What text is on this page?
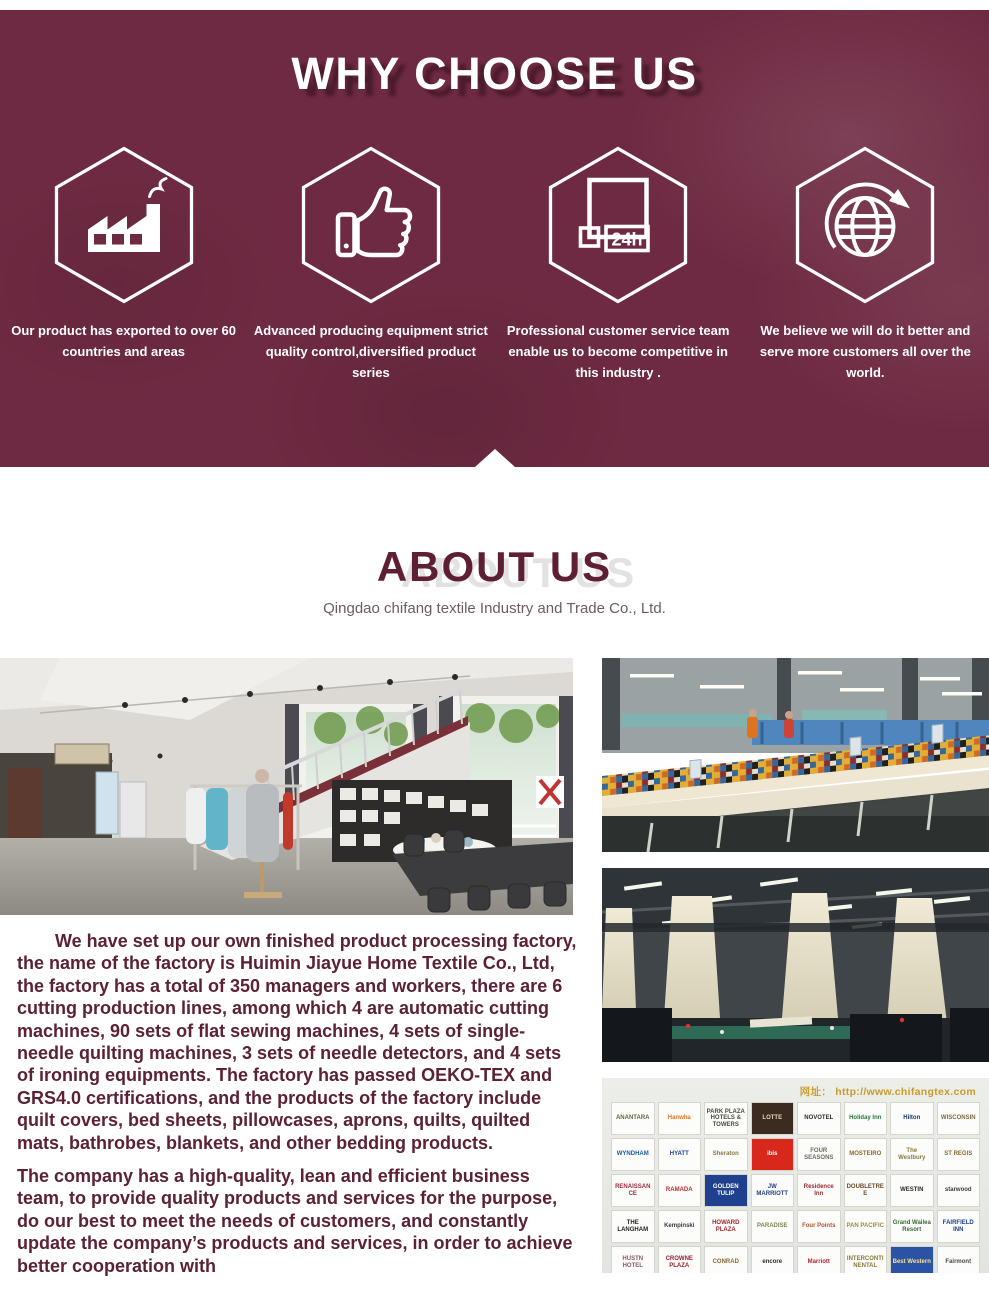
WHY CHOOSE US
Our product has exported to over 60 countries and areas
Advanced producing equipment strict quality control,diversified product series
24h
Professional customer service team enable us to become competitive in this industry .
We believe we will do it better and serve more customers all over the world.
ABOUT US
Qingdao chifang textile Industry and Trade Co., Ltd.
网址： http://www.chifangtex.com
ANANTARA	Hanwha
PARK PLAZA HOTELS & TOWERS
LOTTE	NOVOTEL	Holiday Inn	Hilton	WISCONSIN
WYNDHAM	HYATT	Sheraton	ibis
FOUR SEASONS
MOSTEIRO
The Westbury
ST REGIS
RENAISSANCE
RAMADA
GOLDEN TULIP
JW MARRIOTT
Residence Inn
DOUBLETREE
WESTIN	starwood
THE LANGHAM
Kempinski
HOWARD PLAZA
PARADISE	Four Points	PAN PACIFIC
Grand Wailea Resort
FAIRFIELD INN
HUSTN HOTEL
CROWNE PLAZA
CONRAD	encore	Marriott
INTERCONTINENTAL
Best Western	Fairmont

We have set up our own finished product processing factory, the name of the factory is Huimin Jiayue Home Textile Co., Ltd, the factory has a total of 350 managers and workers, there are 6 cutting production lines, among which 4 are automatic cutting machines, 90 sets of flat sewing machines, 4 sets of single-needle quilting machines, 3 sets of needle detectors, and 4 sets of ironing equipments. The factory has passed OEKO-TEX and GRS4.0 certifications, and the products of the factory include quilt covers, bed sheets, pillowcases, aprons, quilts, quilted mats, bathrobes, blankets, and other bedding products.

The company has a high-quality, lean and efficient business team, to provide quality products and services for the purpose, do our best to meet the needs of customers, and constantly update the company’s products and services, in order to achieve better cooperation with
